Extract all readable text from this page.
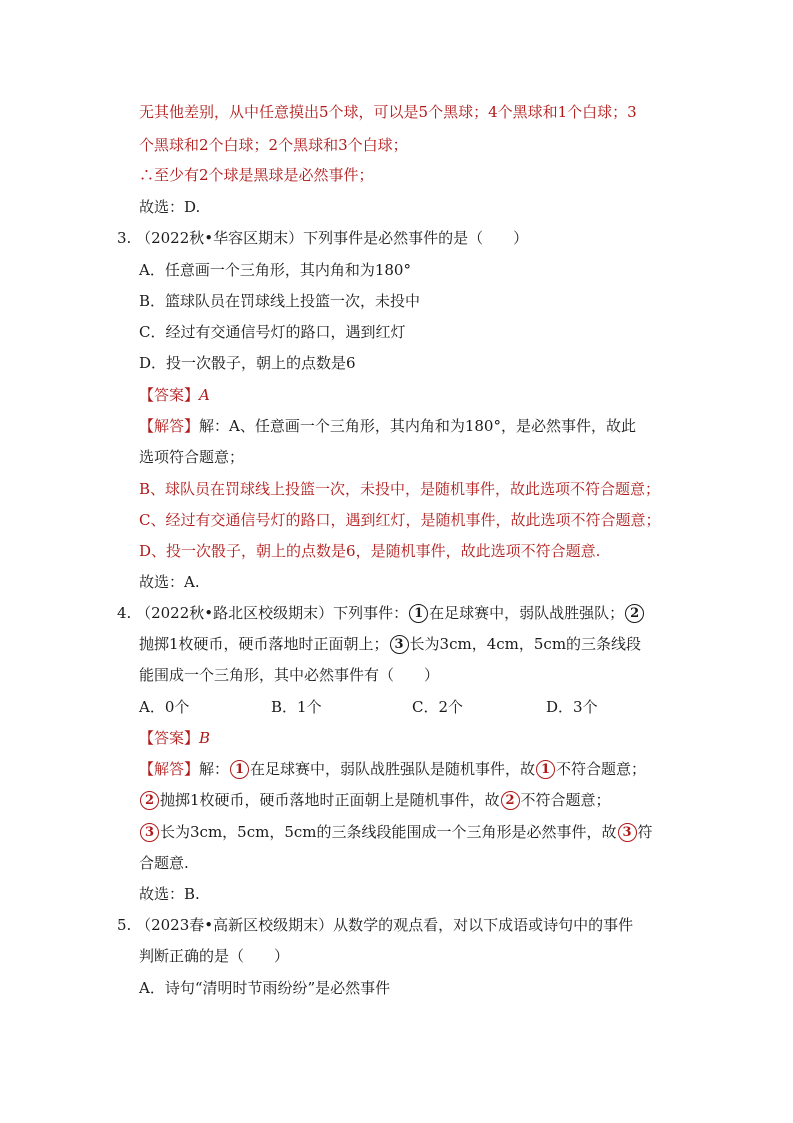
无其他差别，从中任意摸出5个球，可以是5个黑球；4个黑球和1个白球；3
个黑球和2个白球；2个黑球和3个白球；
∴至少有2个球是黑球是必然事件；
故选：D.
3. （2022秋•华容区期末）下列事件是必然事件的是（　　）
A．任意画一个三角形，其内角和为180°
B．篮球队员在罚球线上投篮一次，未投中
C．经过有交通信号灯的路口，遇到红灯
D．投一次骰子，朝上的点数是6
【答案】A
【解答】解：A、任意画一个三角形，其内角和为180°，是必然事件，故此
选项符合题意；
B、球队员在罚球线上投篮一次，未投中，是随机事件，故此选项不符合题意；
C、经过有交通信号灯的路口，遇到红灯，是随机事件，故此选项不符合题意；
D、投一次骰子，朝上的点数是6，是随机事件，故此选项不符合题意.
故选：A.
4. （2022秋•路北区校级期末）下列事件： 1 在足球赛中，弱队战胜强队； 2
抛掷1枚硬币，硬币落地时正面朝上； 3 长为3cm，4cm，5cm的三条线段
能围成一个三角形，其中必然事件有（　　）
A．0个	B．1个	C．2个	D．3个
【答案】B
【解答】解： 1 在足球赛中，弱队战胜强队是随机事件，故 1 不符合题意；
2 抛掷1枚硬币，硬币落地时正面朝上是随机事件，故 2 不符合题意；
3 长为3cm，5cm，5cm的三条线段能围成一个三角形是必然事件，故 3 符
合题意.
故选：B.
5. （2023春•高新区校级期末）从数学的观点看，对以下成语或诗句中的事件
判断正确的是（　　）
A．诗句“清明时节雨纷纷”是必然事件
